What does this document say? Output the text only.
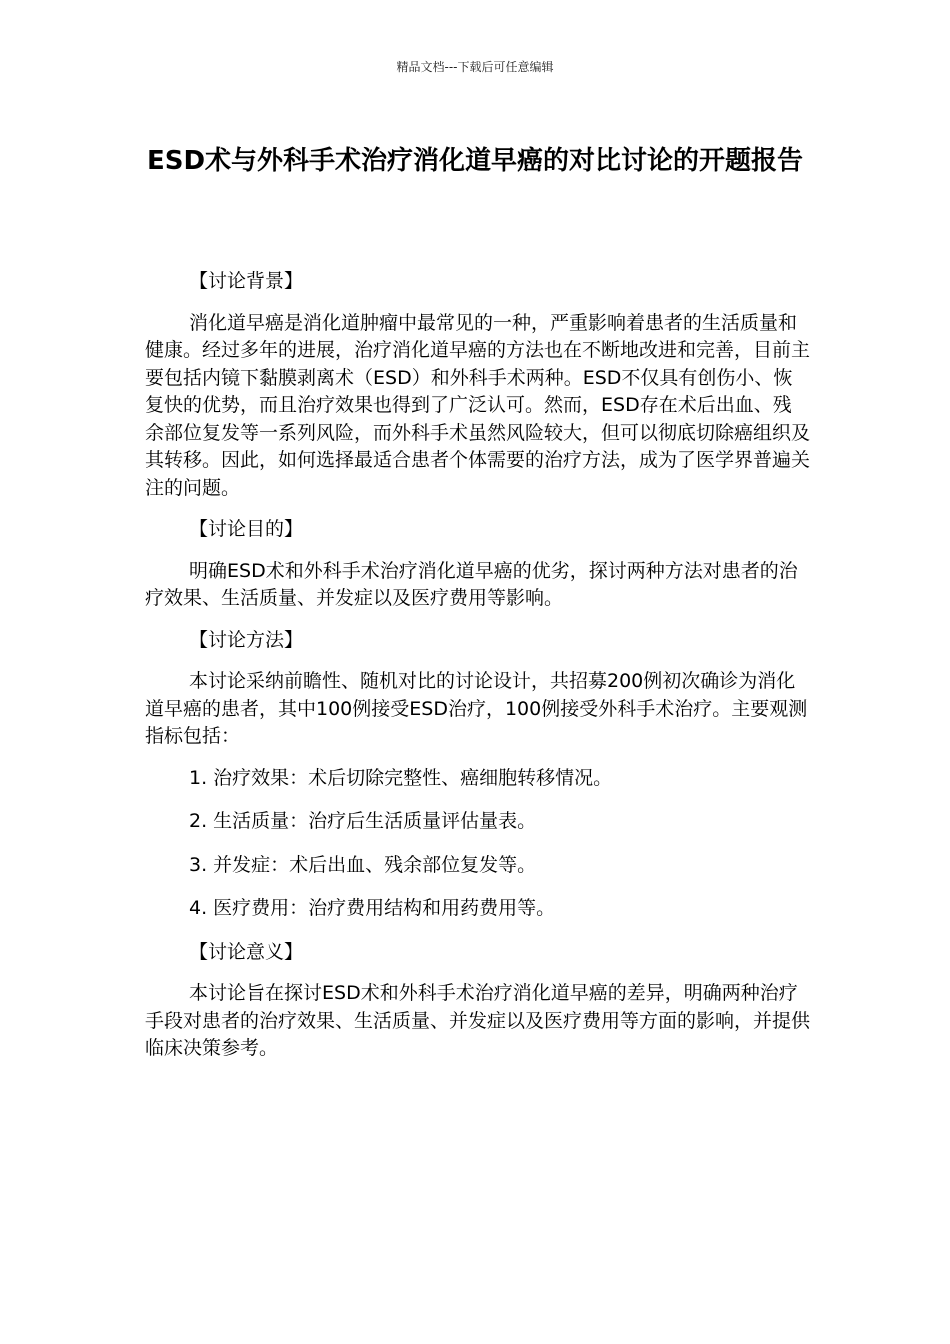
精品文档---下载后可任意编辑
ESD术与外科手术治疗消化道早癌的对比讨论的开题报告
【讨论背景】

消化道早癌是消化道肿瘤中最常见的一种，严重影响着患者的生活质量和健康。经过多年的进展，治疗消化道早癌的方法也在不断地改进和完善，目前主要包括内镜下黏膜剥离术（ESD）和外科手术两种。ESD不仅具有创伤小、恢复快的优势，而且治疗效果也得到了广泛认可。然而，ESD存在术后出血、残余部位复发等一系列风险，而外科手术虽然风险较大，但可以彻底切除癌组织及其转移。因此，如何选择最适合患者个体需要的治疗方法，成为了医学界普遍关注的问题。

【讨论目的】

明确ESD术和外科手术治疗消化道早癌的优劣，探讨两种方法对患者的治疗效果、生活质量、并发症以及医疗费用等影响。

【讨论方法】

本讨论采纳前瞻性、随机对比的讨论设计，共招募200例初次确诊为消化道早癌的患者，其中100例接受ESD治疗，100例接受外科手术治疗。主要观测指标包括：

1. 治疗效果：术后切除完整性、癌细胞转移情况。
2. 生活质量：治疗后生活质量评估量表。
3. 并发症：术后出血、残余部位复发等。
4. 医疗费用：治疗费用结构和用药费用等。
【讨论意义】

本讨论旨在探讨ESD术和外科手术治疗消化道早癌的差异，明确两种治疗手段对患者的治疗效果、生活质量、并发症以及医疗费用等方面的影响，并提供临床决策参考。
